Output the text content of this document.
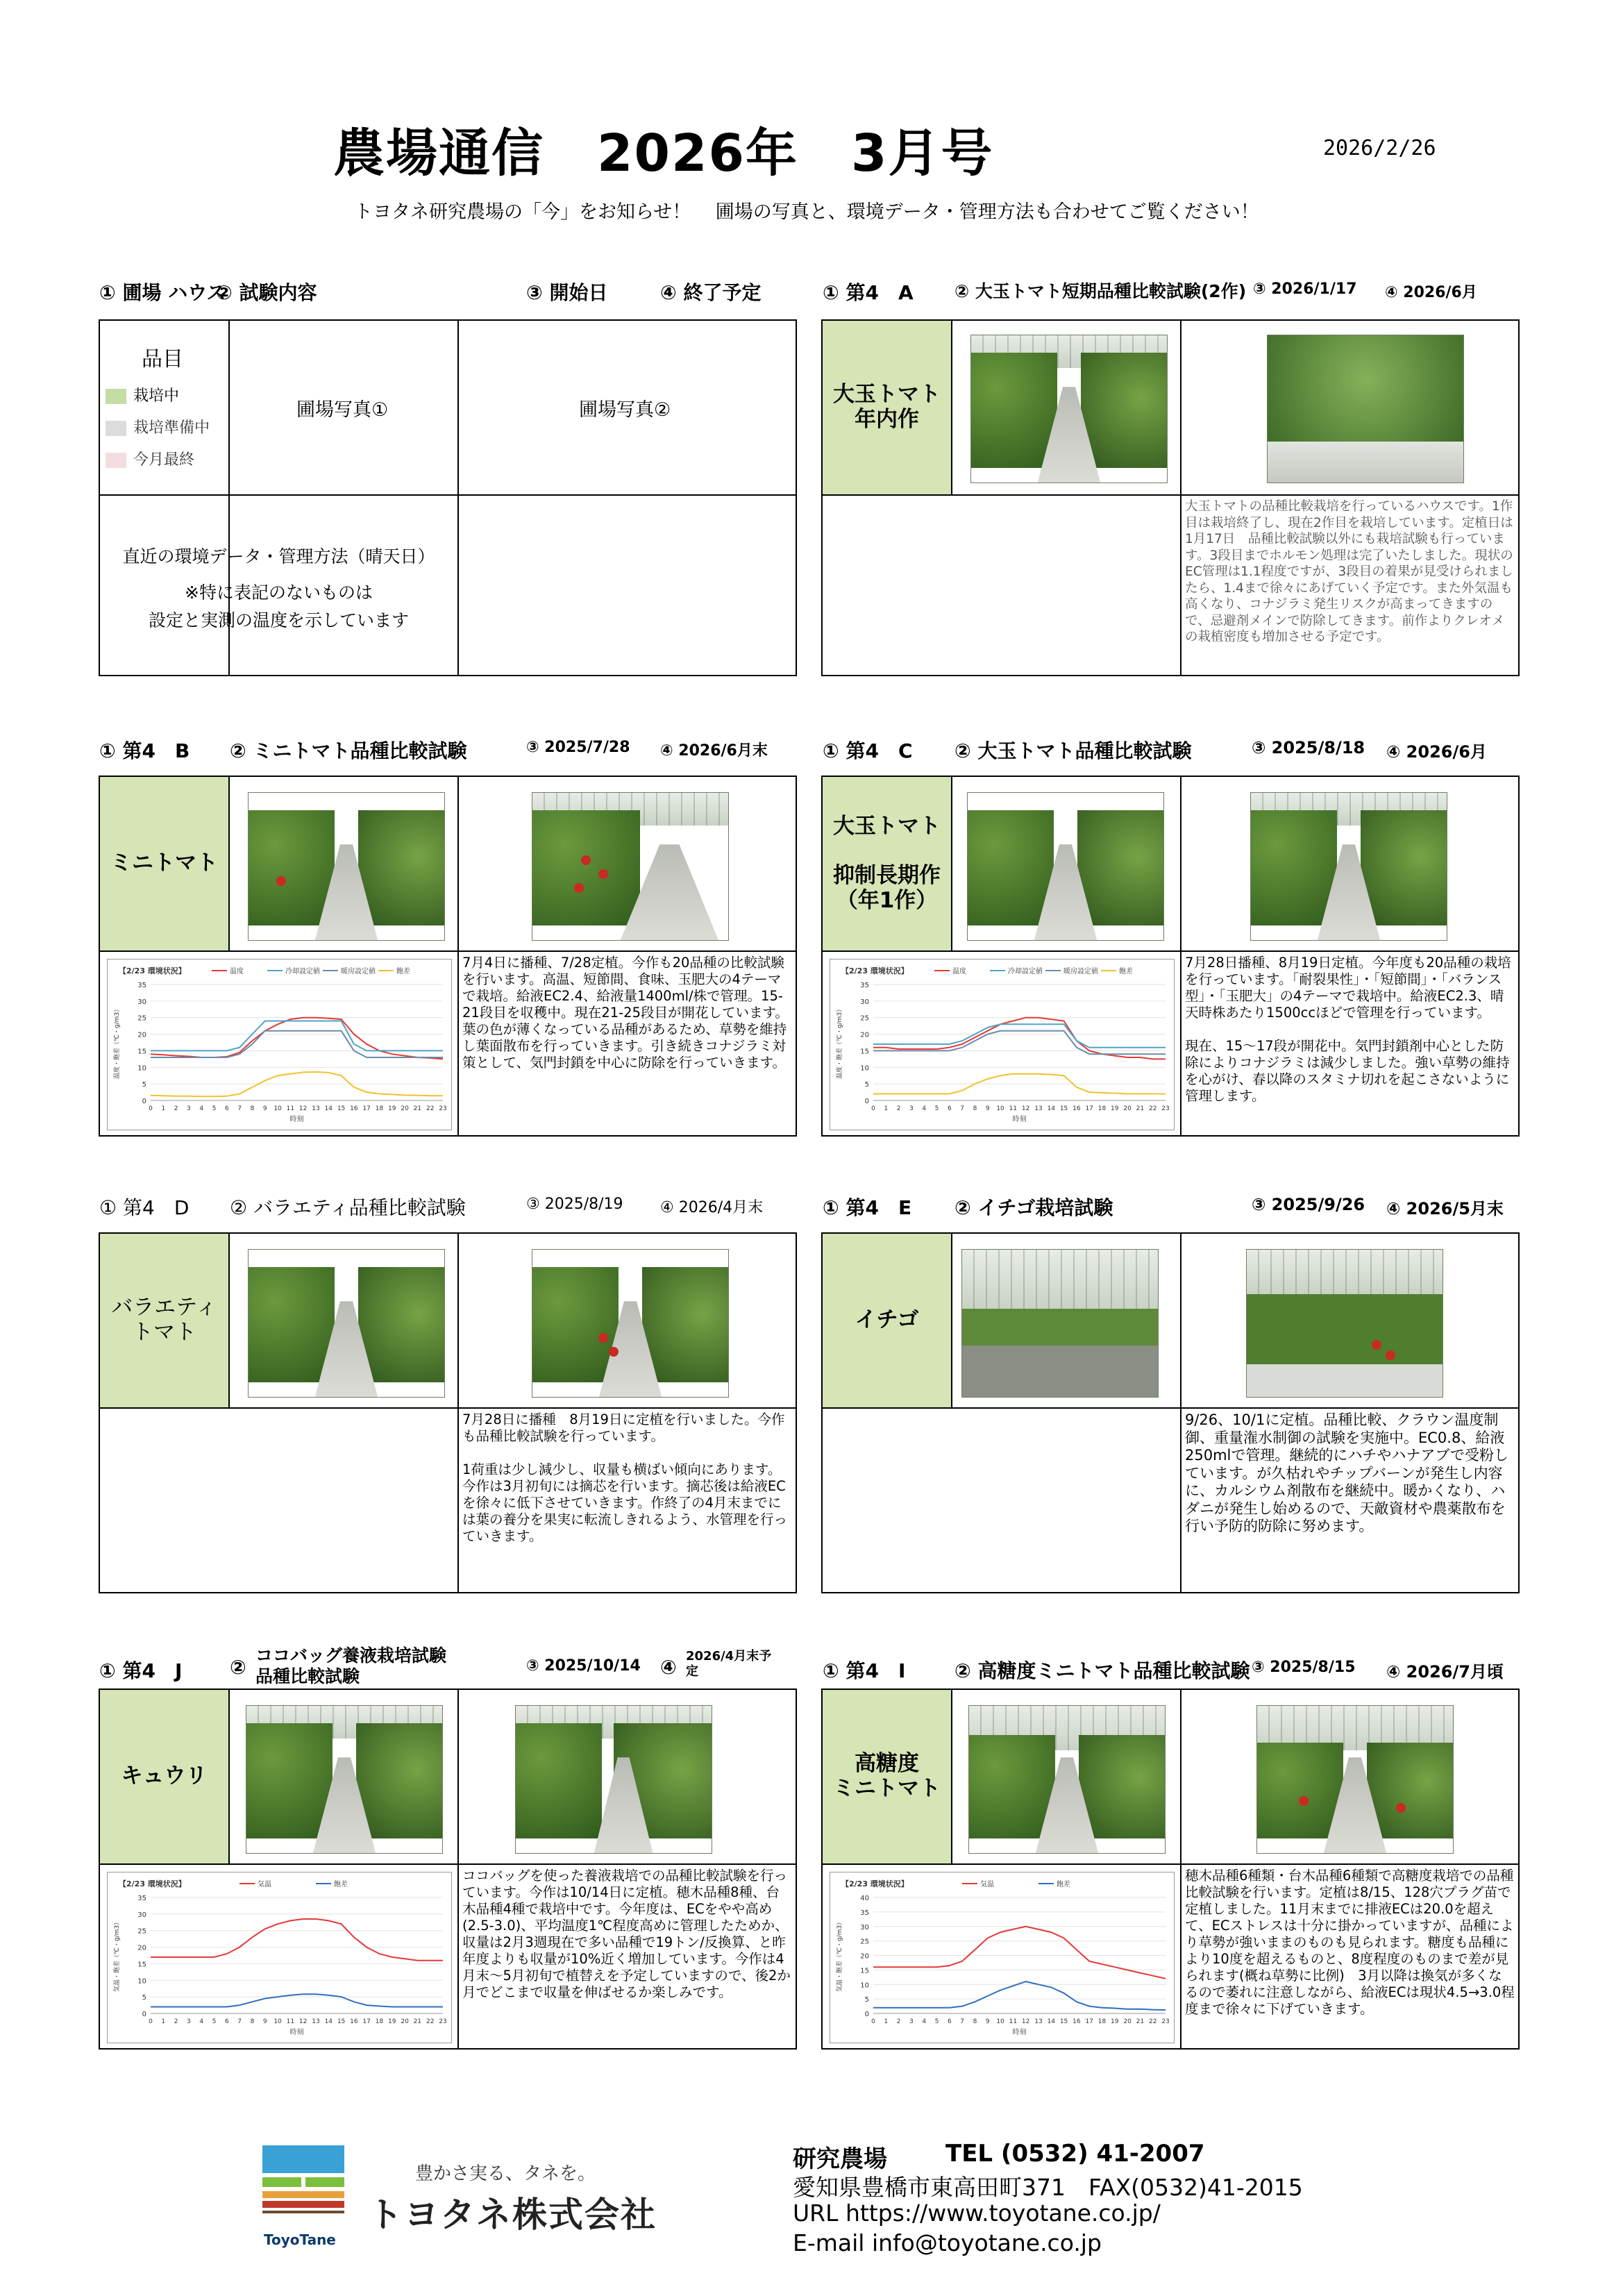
農場通信　2026年　3月号	2026/2/26
トヨタネ研究農場の「今」をお知らせ！　 圃場の写真と、環境データ・管理方法も合わせてご覧ください！
① 圃場 ハウス
② 試験内容	③ 開始日	④ 終了予定
品目
栽培中
栽培準備中
今月最終
圃場写真①	圃場写真②
直近の環境データ・管理方法（晴天日）
※特に表記のないものは
設定と実測の温度を示しています
① 第4　A ② 大玉トマト短期品種比較試験(2作) ③ 2026/1/17 ④ 2026/6月
大玉トマト
年内作
大玉トマトの品種比較栽培を行っているハウスです。1作目は栽培終了し、現在2作目を栽培しています。定植日は1月17日　品種比較試験以外にも栽培試験も行っています。3段目までホルモン処理は完了いたしました。現状のEC管理は1.1程度ですが、3段目の着果が見受けられましたら、1.4まで徐々にあげていく予定です。また外気温も高くなり、コナジラミ発生リスクが高まってきますので、忌避剤メインで防除してきます。前作よりクレオメの栽植密度も増加させる予定です。
① 第4　B ② ミニトマト品種比較試験	③ 2025/7/28 ④ 2026/6月末
ミニトマト
【2/23 環境状況】	温度	冷却設定値	暖房設定値	飽差
0
5
10
15
20
25
30
35
0 1 2 3 4 5 6 7 8 9 10 11 12 13 14 15 16 17 18 19 20 21 22 23
時刻
温度・飽差（℃・g/m3）
7月4日に播種、7/28定植。今作も20品種の比較試験を行います。高温、短節間、食味、玉肥大の4テーマで栽培。給液EC2.4、給液量1400ml/株で管理。15-21段目を収穫中。現在21-25段目が開花しています。葉の色が薄くなっている品種があるため、草勢を維持し葉面散布を行っていきます。引き続きコナジラミ対策として、気門封鎖を中心に防除を行っていきます。
① 第4　C ② 大玉トマト品種比較試験	③ 2025/8/18 ④ 2026/6月
大玉トマト

抑制長期作
（年1作）
【2/23 環境状況】	温度	冷却設定値	暖房設定値	飽差
0
5
10
15
20
25
30
35
0 1 2 3 4 5 6 7 8 9 10 11 12 13 14 15 16 17 18 19 20 21 22 23
時刻
温度・飽差（℃・g/m3）
7月28日播種、8月19日定植。今年度も20品種の栽培を行っています。「耐裂果性」・「短節間」・「バランス型」・「玉肥大」の4テーマで栽培中。給液EC2.3、晴天時株あたり1500ccほどで管理を行っています。

現在、15～17段が開花中。気門封鎖剤中心とした防除によりコナジラミは減少しました。強い草勢の維持を心がけ、春以降のスタミナ切れを起こさないように管理します。
① 第4　D ② バラエティ品種比較試験	③ 2025/8/19 ④ 2026/4月末
バラエティ
トマト
7月28日に播種　8月19日に定植を行いました。今作も品種比較試験を行っています。

1荷重は少し減少し、収量も横ばい傾向にあります。今作は3月初旬には摘芯を行います。摘芯後は給液ECを徐々に低下させていきます。作終了の4月末までには葉の養分を果実に転流しきれるよう、水管理を行っていきます。
① 第4　E ② イチゴ栽培試験	③ 2025/9/26 ④ 2026/5月末
イチゴ
9/26、10/1に定植。品種比較、クラウン温度制御、重量潅水制御の試験を実施中。EC0.8、給液250mlで管理。継続的にハチやハナアブで受粉しています。が久枯れやチップバーンが発生し内容に、カルシウム剤散布を継続中。暖かくなり、ハダニが発生し始めるので、天敵資材や農薬散布を行い予防的防除に努めます。
① 第4　J ②
ココバッグ養液栽培試験
品種比較試験
③ 2025/10/14 ④ 2026/4月末予
定
キュウリ
【2/23 環境状況】	気温	飽差
0
5
10
15
20
25
30
35
0 1 2 3 4 5 6 7 8 9 10 11 12 13 14 15 16 17 18 19 20 21 22 23
時刻
気温・飽差（℃・g/m3）
ココバッグを使った養液栽培での品種比較試験を行っています。今作は10/14日に定植。穂木品種8種、台木品種4種で栽培中です。今年度は、ECをやや高め(2.5-3.0)、平均温度1℃程度高めに管理したためか、収量は2月3週現在で多い品種で19トン/反換算、と昨年度よりも収量が10%近く増加しています。今作は4月末～5月初旬で植替えを予定していますので、後2か月でどこまで収量を伸ばせるか楽しみです。
① 第4　I	② 高糖度ミニトマト品種比較試験 ③ 2025/8/15 ④ 2026/7月頃
高糖度
ミニトマト
【2/23 環境状況】	気温	飽差
0
5
10
15
20
25
30
35
40
0 1 2 3 4 5 6 7 8 9 10 11 12 13 14 15 16 17 18 19 20 21 22 23
時刻
気温・飽差（℃・g/m3）
穂木品種6種類・台木品種6種類で高糖度栽培での品種比較試験を行います。定植は8/15、128穴プラグ苗で定植しました。11月末までに排液ECは20.0を超えて、ECストレスは十分に掛かっていますが、品種により草勢が強いままのものも見られます。糖度も品種により10度を超えるものと、8度程度のものまで差が見られます(概ね草勢に比例)　3月以降は換気が多くなるので萎れに注意しながら、給液ECは現状4.5→3.0程度まで徐々に下げていきます。
ToyoTane
豊かさ実る、タネを。
トヨタネ株式会社
研究農場 TEL (0532) 41-2007
愛知県豊橋市東高田町371　FAX(0532)41-2015
URL https://www.toyotane.co.jp/
E-mail info@toyotane.co.jp
